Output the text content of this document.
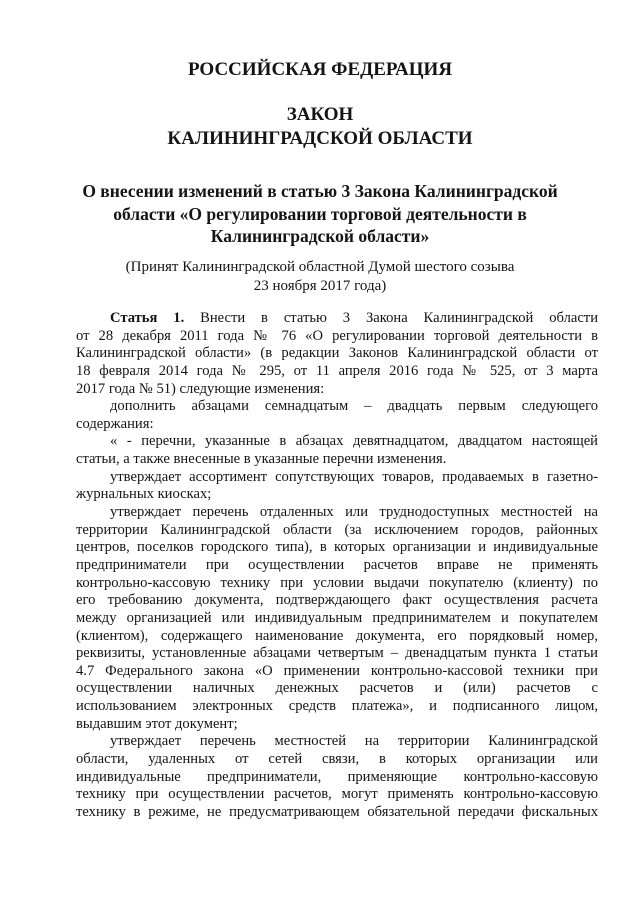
РОССИЙСКАЯ ФЕДЕРАЦИЯ
ЗАКОН
КАЛИНИНГРАДСКОЙ ОБЛАСТИ
О внесении изменений в статью 3 Закона Калининградской
области «О регулировании торговой деятельности в
Калининградской области»
(Принят Калининградской областной Думой шестого созыва
23 ноября 2017 года)
Статья 1. Внести в статью 3 Закона Калининградской области
от 28 декабря 2011 года № 76 «О регулировании торговой деятельности в
Калининградской области» (в редакции Законов Калининградской области от
18 февраля 2014 года № 295, от 11 апреля 2016 года № 525, от 3 марта
2017 года № 51) следующие изменения:
дополнить абзацами семнадцатым – двадцать первым следующего
содержания:
« - перечни, указанные в абзацах девятнадцатом, двадцатом настоящей
статьи, а также внесенные в указанные перечни изменения.
утверждает ассортимент сопутствующих товаров, продаваемых в газетно-
журнальных киосках;
утверждает перечень отдаленных или труднодоступных местностей на
территории Калининградской области (за исключением городов, районных
центров, поселков городского типа), в которых организации и индивидуальные
предприниматели при осуществлении расчетов вправе не применять
контрольно-кассовую технику при условии выдачи покупателю (клиенту) по
его требованию документа, подтверждающего факт осуществления расчета
между организацией или индивидуальным предпринимателем и покупателем
(клиентом), содержащего наименование документа, его порядковый номер,
реквизиты, установленные абзацами четвертым – двенадцатым пункта 1 статьи
4.7 Федерального закона «О применении контрольно-кассовой техники при
осуществлении наличных денежных расчетов и (или) расчетов с
использованием электронных средств платежа», и подписанного лицом,
выдавшим этот документ;
утверждает перечень местностей на территории Калининградской
области, удаленных от сетей связи, в которых организации или
индивидуальные предприниматели, применяющие контрольно-кассовую
технику при осуществлении расчетов, могут применять контрольно-кассовую
технику в режиме, не предусматривающем обязательной передачи фискальных
